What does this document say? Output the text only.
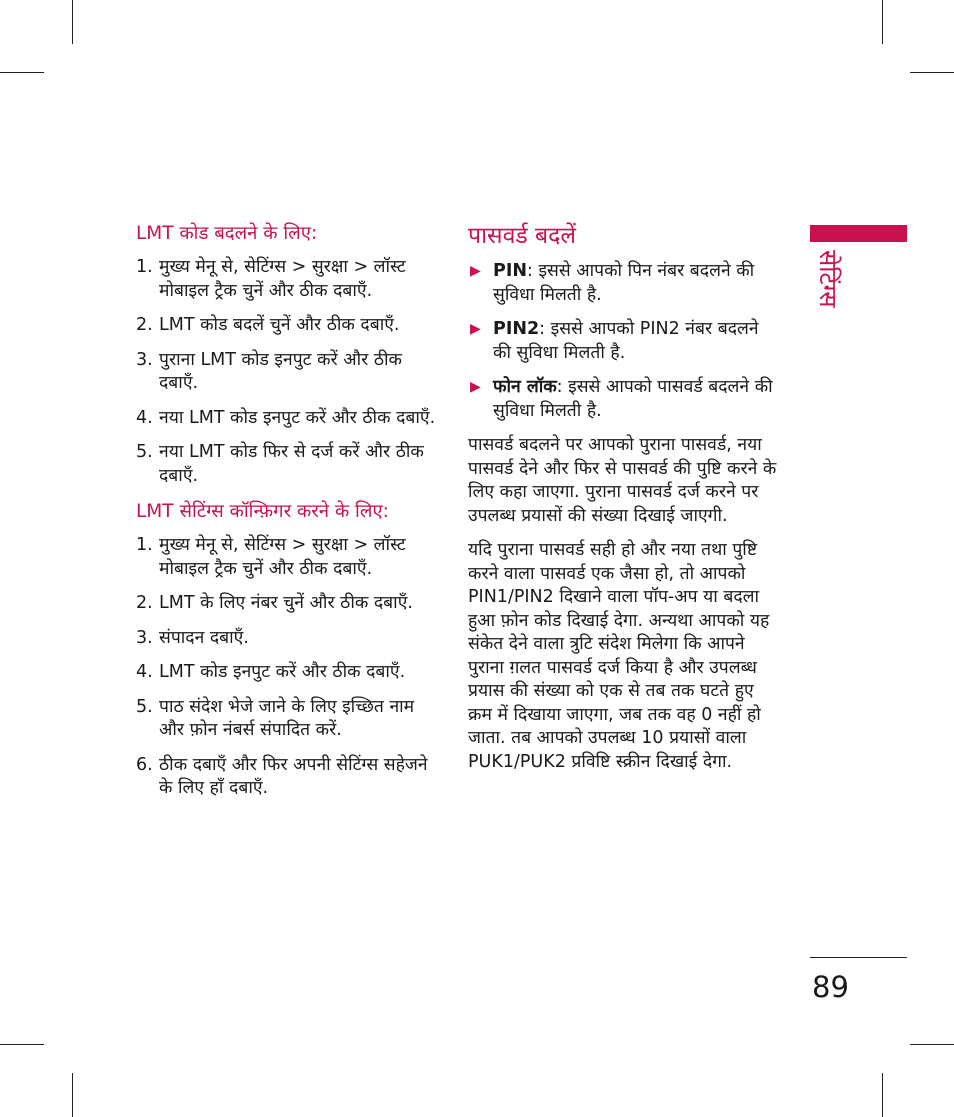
LMT कोड बदलने के लिए:
1. मुख्य मेनू से, सेटिंग्स > सुरक्षा > लॉस्ट मोबाइल ट्रैक चुनें और ठीक दबाएँ.
2. LMT कोड बदलें चुनें और ठीक दबाएँ.
3. पुराना LMT कोड इनपुट करें और ठीक दबाएँ.
4. नया LMT कोड इनपुट करें और ठीक दबाएँ.
5. नया LMT कोड फिर से दर्ज करें और ठीक दबाएँ.
LMT सेटिंग्स कॉन्फ़िगर करने के लिए:
1. मुख्य मेनू से, सेटिंग्स > सुरक्षा > लॉस्ट मोबाइल ट्रैक चुनें और ठीक दबाएँ.
2. LMT के लिए नंबर चुनें और ठीक दबाएँ.
3. संपादन दबाएँ.
4. LMT कोड इनपुट करें और ठीक दबाएँ.
5. पाठ संदेश भेजे जाने के लिए इच्छित नाम और फ़ोन नंबर्स संपादित करें.
6. ठीक दबाएँ और फिर अपनी सेटिंग्स सहेजने के लिए हाँ दबाएँ.
पासवर्ड बदलें
▶ PIN: इससे आपको पिन नंबर बदलने की सुविधा मिलती है.
▶ PIN2: इससे आपको PIN2 नंबर बदलने की सुविधा मिलती है.
▶ फोन लॉक: इससे आपको पासवर्ड बदलने की सुविधा मिलती है.

पासवर्ड बदलने पर आपको पुराना पासवर्ड, नया पासवर्ड देने और फिर से पासवर्ड की पुष्टि करने के लिए कहा जाएगा. पुराना पासवर्ड दर्ज करने पर उपलब्ध प्रयासों की संख्या दिखाई जाएगी.

यदि पुराना पासवर्ड सही हो और नया तथा पुष्टि करने वाला पासवर्ड एक जैसा हो, तो आपको PIN1/PIN2 दिखाने वाला पॉप-अप या बदला हुआ फ़ोन कोड दिखाई देगा. अन्यथा आपको यह संकेत देने वाला त्रुटि संदेश मिलेगा कि आपने पुराना ग़लत पासवर्ड दर्ज किया है और उपलब्ध प्रयास की संख्या को एक से तब तक घटते हुए क्रम में दिखाया जाएगा, जब तक वह 0 नहीं हो जाता. तब आपको उपलब्ध 10 प्रयासों वाला PUK1/PUK2 प्रविष्टि स्क्रीन दिखाई देगा.

सेटिंग्स
89
